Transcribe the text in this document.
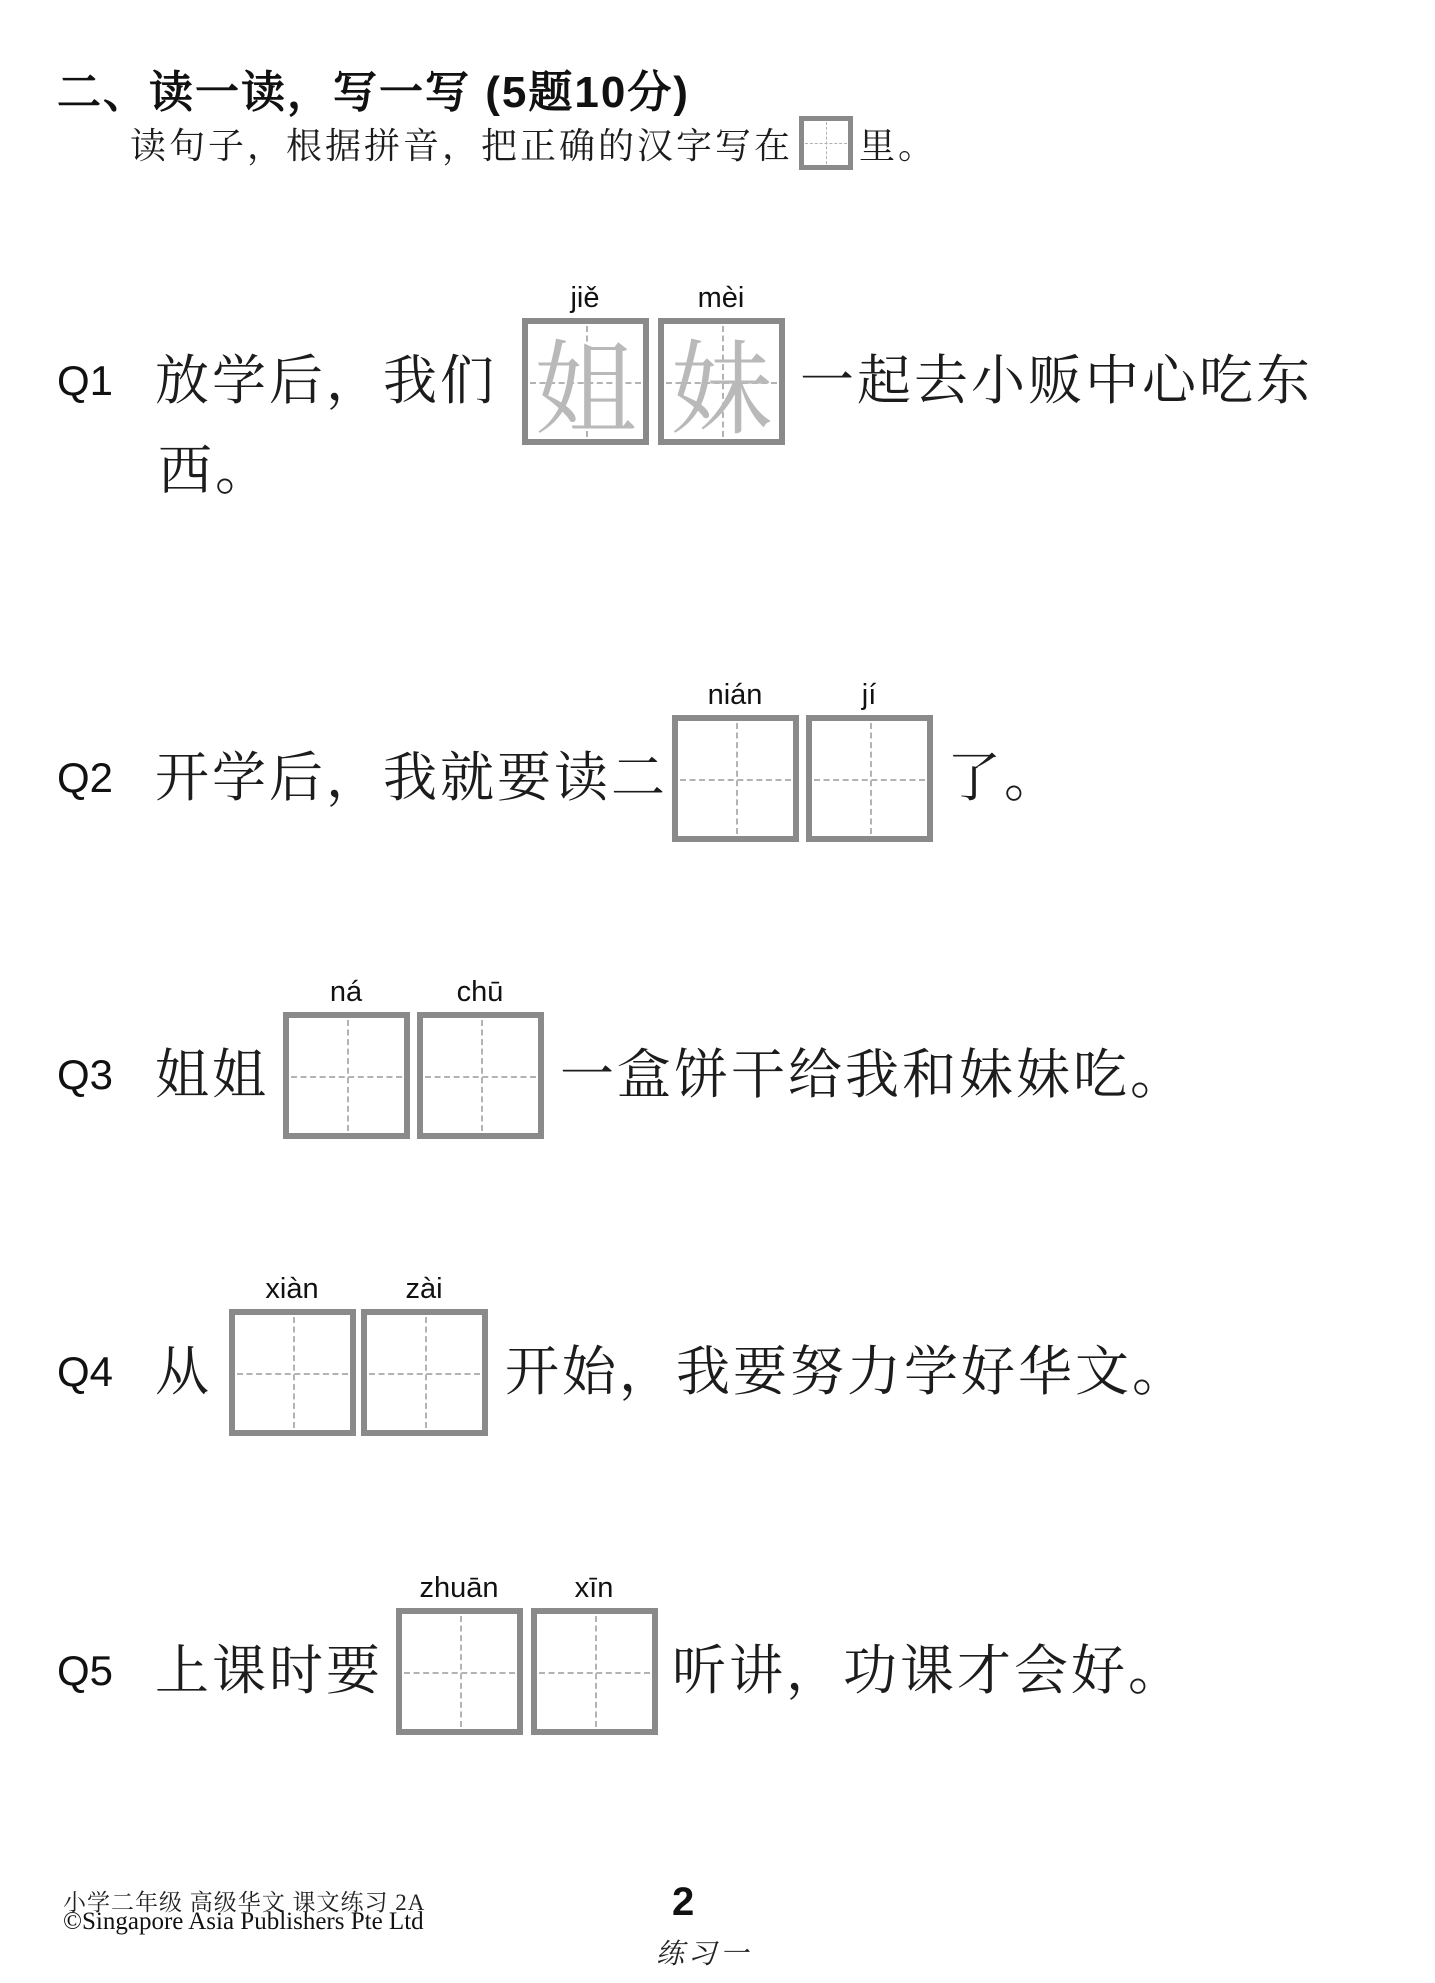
二、读一读，写一写 (5题10分)
读句子，根据拼音，把正确的汉字写在 里。
Q1 放学后，我们
jiě	mèi
姐 妹 一起去小贩中心吃东
西。
Q2 开学后，我就要读二
nián	jí
了。
Q3 姐姐
ná	chū
一盒饼干给我和妹妹吃。
Q4 从
xiàn	zài
开始，我要努力学好华文。
Q5 上课时要
zhuān	xīn
听讲，功课才会好。
小学二年级 高级华文 课文练习 2A
©Singapore Asia Publishers Pte Ltd	2
练习一
